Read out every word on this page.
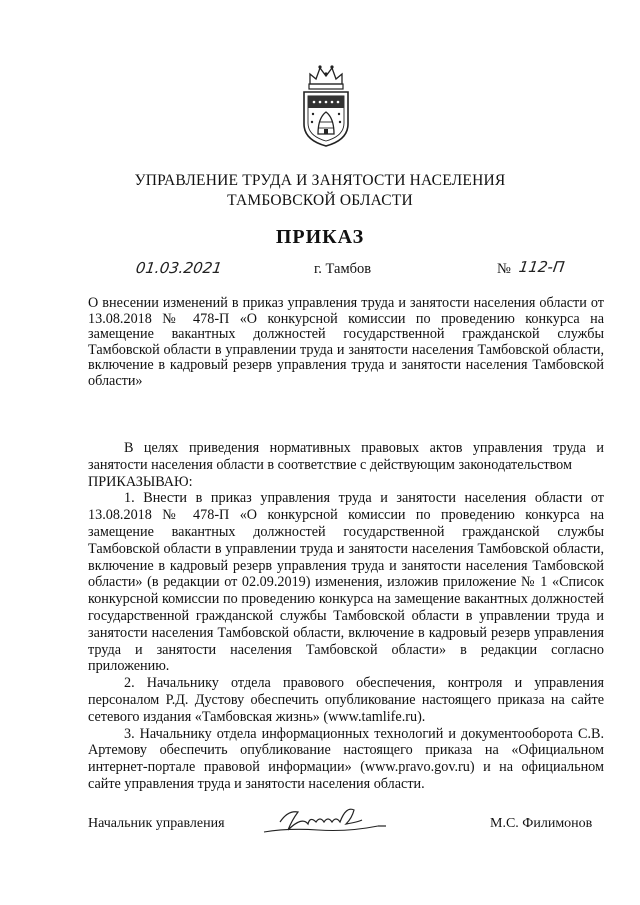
УПРАВЛЕНИЕ ТРУДА И ЗАНЯТОСТИ НАСЕЛЕНИЯ
ТАМБОВСКОЙ ОБЛАСТИ
ПРИКАЗ
01.03.2021	г. Тамбов	№ 112-П
О внесении изменений в приказ управления труда и занятости населения области от 13.08.2018 № 478-П «О конкурсной комиссии по проведению конкурса на замещение вакантных должностей государственной гражданской службы Тамбовской области в управлении труда и занятости населения Тамбовской области, включение в кадровый резерв управления труда и занятости населения Тамбовской области»

В целях приведения нормативных правовых актов управления труда и занятости населения области в соответствие с действующим законодательством

ПРИКАЗЫВАЮ:

1. Внести в приказ управления труда и занятости населения области от 13.08.2018 № 478-П «О конкурсной комиссии по проведению конкурса на замещение вакантных должностей государственной гражданской службы Тамбовской области в управлении труда и занятости населения Тамбовской области, включение в кадровый резерв управления труда и занятости населения Тамбовской области» (в редакции от 02.09.2019) изменения, изложив приложение № 1 «Список конкурсной комиссии по проведению конкурса на замещение вакантных должностей государственной гражданской службы Тамбовской области в управлении труда и занятости населения Тамбовской области, включение в кадровый резерв управления труда и занятости населения Тамбовской области» в редакции согласно приложению.

2. Начальнику отдела правового обеспечения, контроля и управления персоналом Р.Д. Дустову обеспечить опубликование настоящего приказа на сайте сетевого издания «Тамбовская жизнь» (www.tamlife.ru).

3. Начальнику отдела информационных технологий и документооборота С.В. Артемову обеспечить опубликование настоящего приказа на «Официальном интернет-портале правовой информации» (www.pravo.gov.ru) и на официальном сайте управления труда и занятости населения области.

Начальник управления	М.С. Филимонов
